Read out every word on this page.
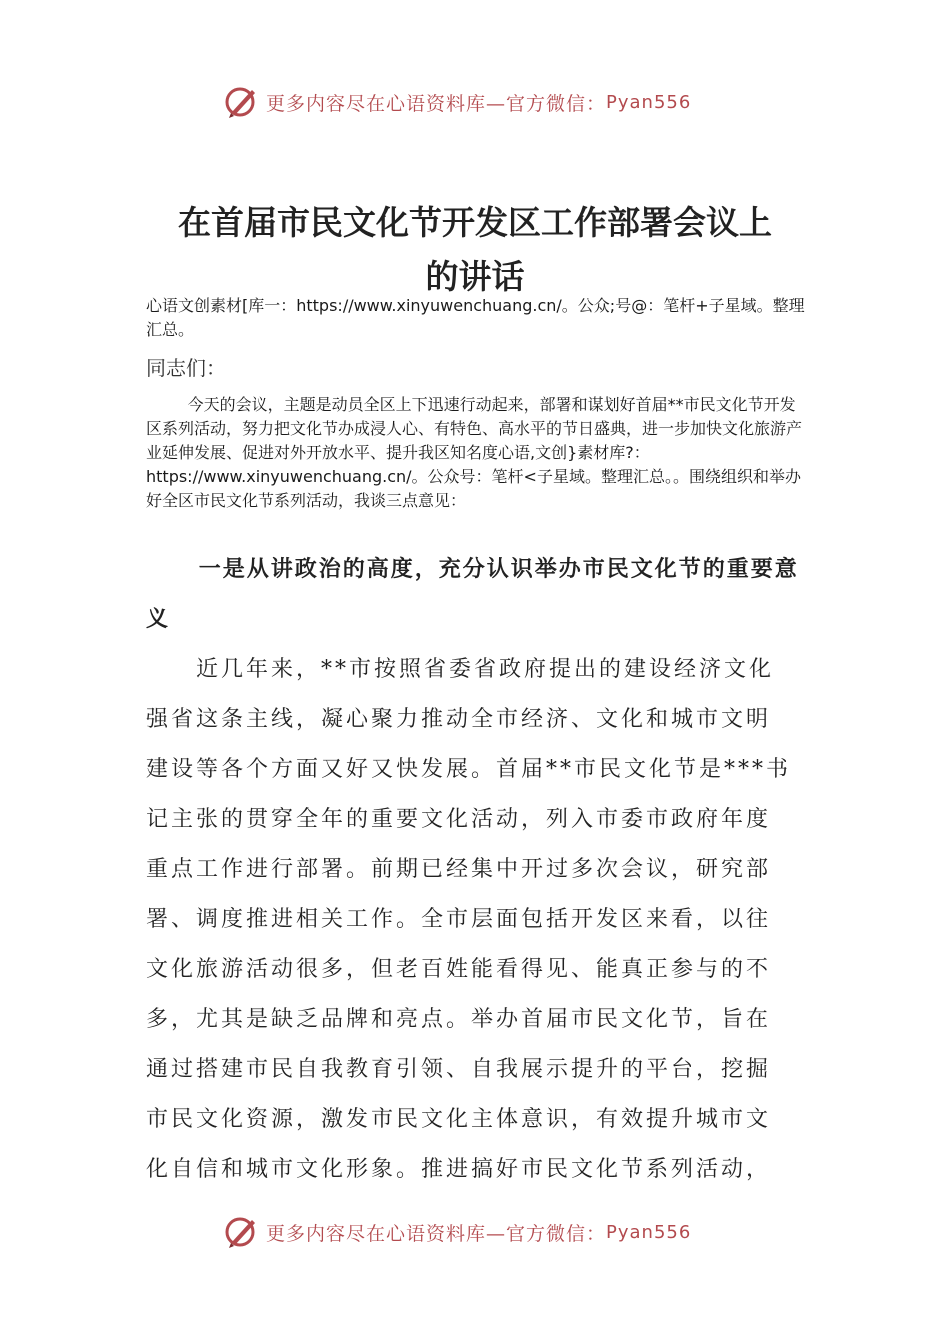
更多内容尽在心语资料库—官方微信： Pyan556
在首届市民文化节开发区工作部署会议上
的讲话

心语文创素材[库一：https://www.xinyuwenchuang.cn/。公众;号@：笔杆+子星域。整理汇总。

同志们：

今天的会议，主题是动员全区上下迅速行动起来，部署和谋划好首届**市民文化节开发区系列活动，努力把文化节办成浸人心、有特色、高水平的节日盛典，进一步加快文化旅游产业延伸发展、促进对外开放水平、提升我区知名度心语,文创}素材库?：https://www.xinyuwenchuang.cn/。公众号：笔杆<子星域。整理汇总。。围绕组织和举办好全区市民文化节系列活动，我谈三点意见：

一是从讲政治的高度，充分认识举办市民文化节的重要意义
近几年来，**市按照省委省政府提出的建设经济文化
强省这条主线，凝心聚力推动全市经济、文化和城市文明
建设等各个方面又好又快发展。首届**市民文化节是***书
记主张的贯穿全年的重要文化活动，列入市委市政府年度
重点工作进行部署。前期已经集中开过多次会议，研究部
署、调度推进相关工作。全市层面包括开发区来看，以往
文化旅游活动很多，但老百姓能看得见、能真正参与的不
多，尤其是缺乏品牌和亮点。举办首届市民文化节，旨在
通过搭建市民自我教育引领、自我展示提升的平台，挖掘
市民文化资源，激发市民文化主体意识，有效提升城市文
化自信和城市文化形象。推进搞好市民文化节系列活动，
更多内容尽在心语资料库—官方微信： Pyan556
